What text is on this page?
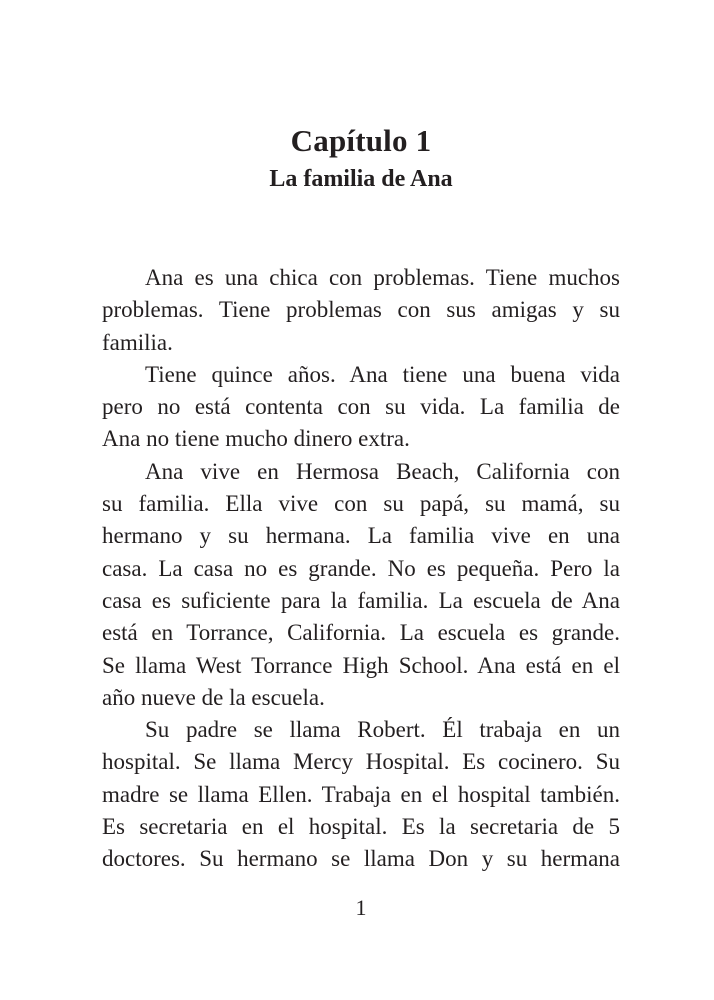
Capítulo 1
La familia de Ana
Ana es una chica con problemas. Tiene muchos
problemas. Tiene problemas con sus amigas y su
familia.
Tiene quince años. Ana tiene una buena vida
pero no está contenta con su vida. La familia de
Ana no tiene mucho dinero extra.
Ana vive en Hermosa Beach, California con
su familia. Ella vive con su papá, su mamá, su
hermano y su hermana. La familia vive en una
casa. La casa no es grande. No es pequeña. Pero la
casa es suficiente para la familia. La escuela de Ana
está en Torrance, California. La escuela es grande.
Se llama West Torrance High School. Ana está en el
año nueve de la escuela.
Su padre se llama Robert. Él trabaja en un
hospital. Se llama Mercy Hospital. Es cocinero. Su
madre se llama Ellen. Trabaja en el hospital también.
Es secretaria en el hospital. Es la secretaria de 5
doctores. Su hermano se llama Don y su hermana
1
